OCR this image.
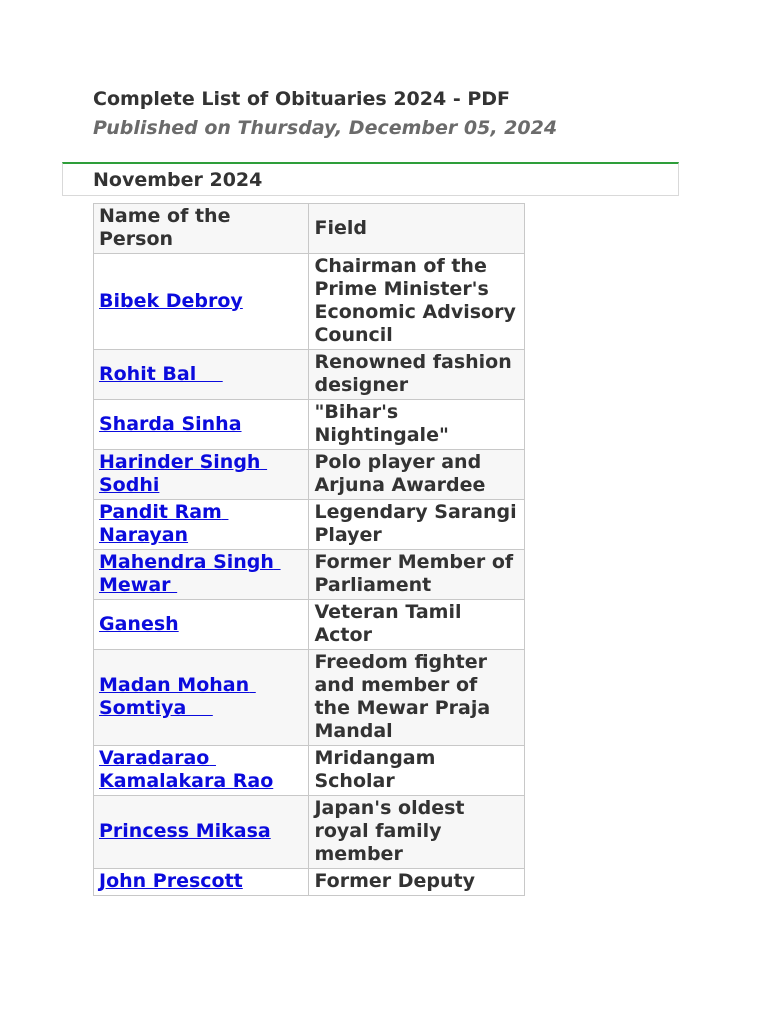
Complete List of Obituaries 2024 - PDF
Published on Thursday, December 05, 2024
November 2024
Name of the Person	Field
Bibek Debroy	Chairman of the Prime Minister's Economic Advisory Council
Rohit Bal	Renowned fashion designer
Sharda Sinha	"Bihar's Nightingale"
Harinder Singh Sodhi	Polo player and Arjuna Awardee
Pandit Ram Narayan	Legendary Sarangi Player
Mahendra Singh Mewar	Former Member of Parliament
Ganesh	Veteran Tamil Actor
Madan Mohan Somtiya	Freedom fighter and member of the Mewar Praja Mandal
Varadarao Kamalakara Rao	Mridangam Scholar
Princess Mikasa	Japan's oldest royal family member
John Prescott	Former Deputy
